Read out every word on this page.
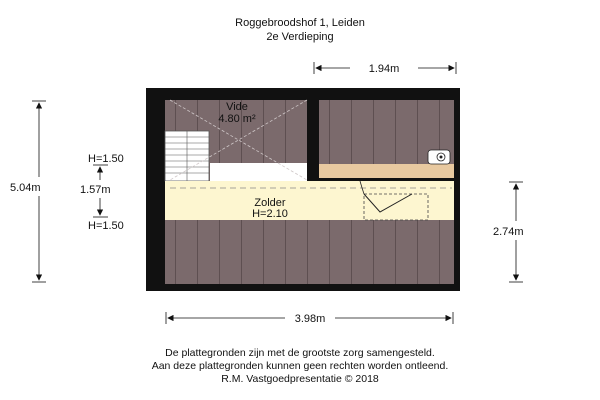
Roggebroodshof 1, Leiden
2e Verdieping
Vide
4.80 m²
Zolder
H=2.10
1.94m
5.04m
H=1.50
1.57m
H=1.50	2.74m
3.98m
De plattegronden zijn met de grootste zorg samengesteld.
Aan deze plattegronden kunnen geen rechten worden ontleend.
R.M. Vastgoedpresentatie © 2018
